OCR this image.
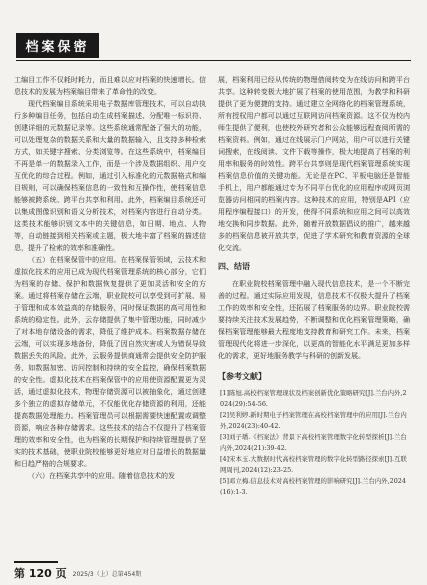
档案保密

工编目工作不仅耗时耗力，而且难以应对档案的快速增长。信息技术的发展为档案编目带来了革命性的改变。

现代档案编目系统采用电子数据库管理技术，可以自动执行多种编目任务，包括自动生成档案描述、分配唯一标识符、创建详细的元数据记录等。这些系统通常配备了强大的功能，可以处理复杂的数据关系和大量的数据输入，且支持多种检索方式，如关键字搜索、分类浏览等。在这些系统中，档案编目不再是单一的数据录入工作，而是一个涉及数据组织、用户交互优化的综合过程。例如，通过引入标准化的元数据格式和编目规则，可以确保档案信息的一致性和互操作性，使档案信息能够被跨系统、跨平台共享和利用。此外，档案编目系统还可以集成图像识别和语义分析技术，对档案内容进行自动分类。这类技术能够识别文本中的关键信息，如日期、地点、人物等，自动链接到相关档案或主题，极大地丰富了档案的描述信息，提升了检索的效率和准确性。

（五）在档案保管中的应用。在档案保管领域，云技术和虚拟化技术的应用已成为现代档案管理系统的核心部分，它们为档案的存储、保护和数据恢复提供了更加灵活和安全的方案。通过将档案存储在云端，职业院校可以享受到可扩展、易于管理和成本效益高的存储服务，同时保证数据的高可用性和系统的稳定性。此外，云存储提供了集中管理功能，同时减少了对本地存储设备的需求，降低了维护成本。档案数据存储在云端，可以实现多地备份，降低了因自然灾害或人为错误导致数据丢失的风险。此外，云服务提供商通常会提供安全防护服务，如数据加密、访问控制和持续的安全监控，确保档案数据的安全性。虚拟化技术在档案保管中的应用使资源配置更为灵活，通过虚拟化技术，物理存储资源可以被抽象化，通过创建多个独立的虚拟存储单元，不仅能优化存储资源的利用，还能提高数据处理能力。档案管理员可以根据需要快速配置或调整资源，响应各种存储需求。这些技术的结合不仅提升了档案管理的效率和安全性，也为档案的长期保护和持续管理提供了坚实的技术基础，使职业院校能够更好地应对日益增长的数据量和日趋严格的合规要求。

（六）在档案共享中的应用。随着信息技术的发

展，档案利用已经从传统的物理借阅转变为在线访问和跨平台共享。这种转变极大地扩展了档案的使用范围，为教学和科研提供了更为便捷的支持。通过建立全网络化的档案管理系统，所有授权用户都可以通过互联网访问档案资源。这不仅为校内师生提供了便利，也使校外研究者和公众能够远程查阅所需的档案资料。例如，通过在线展示门户网站，用户可以进行关键词搜索，在线阅读、文件下载等操作，极大地提高了档案的利用率和服务的时效性。跨平台共享则是现代档案管理系统实现档案信息价值的关键功能。无论是在PC、平板电脑还是智能手机上，用户都能通过专为不同平台优化的应用程序或网页浏览器访问相同的档案内容。这种技术的应用，特别是API（应用程序编程接口）的开发，使得不同系统和应用之间可以高效地交换和同步数据。此外，随着开放数据倡议的推广，越来越多的档案信息被开放共享，促进了学术研究和教育资源的全球化交流。

四、结语

在职业院校档案管理中融入现代信息技术，是一个不断完善的过程。通过实际应用发现，信息技术不仅极大提升了档案工作的效率和安全性，还拓展了档案服务的边界。职业院校需要持续关注技术发展趋势，不断调整和优化档案管理策略，确保档案管理能够最大程度地支持教育和研究工作。未来，档案管理现代化将进一步深化，以更高的智能化水平满足更加多样化的需求，更好地服务教学与科研的创新发展。

【参考文献】
[1]陈旭.高校档案管理现状及档案创新优化策略研究[J].兰台内外,2024(29):54-56.
[2]吴利婷.新时期电子档案管理在高校档案管理中的应用[J].兰台内外,2024(23):40-42.
[3]刘子璠.《档案法》背景下高校档案管理数字化转型探析[J].兰台内外,2024(21):39-42.
[4]宋本玉.大数据时代高校档案管理的数字化转型路径探索[J].互联网周刊,2024(12):23-25.
[5]邓立梅.信息技术对高校档案管理的影响研究[J].兰台内外,2024(16):1-3.
第 120 页 2025/3（上）总第454期
